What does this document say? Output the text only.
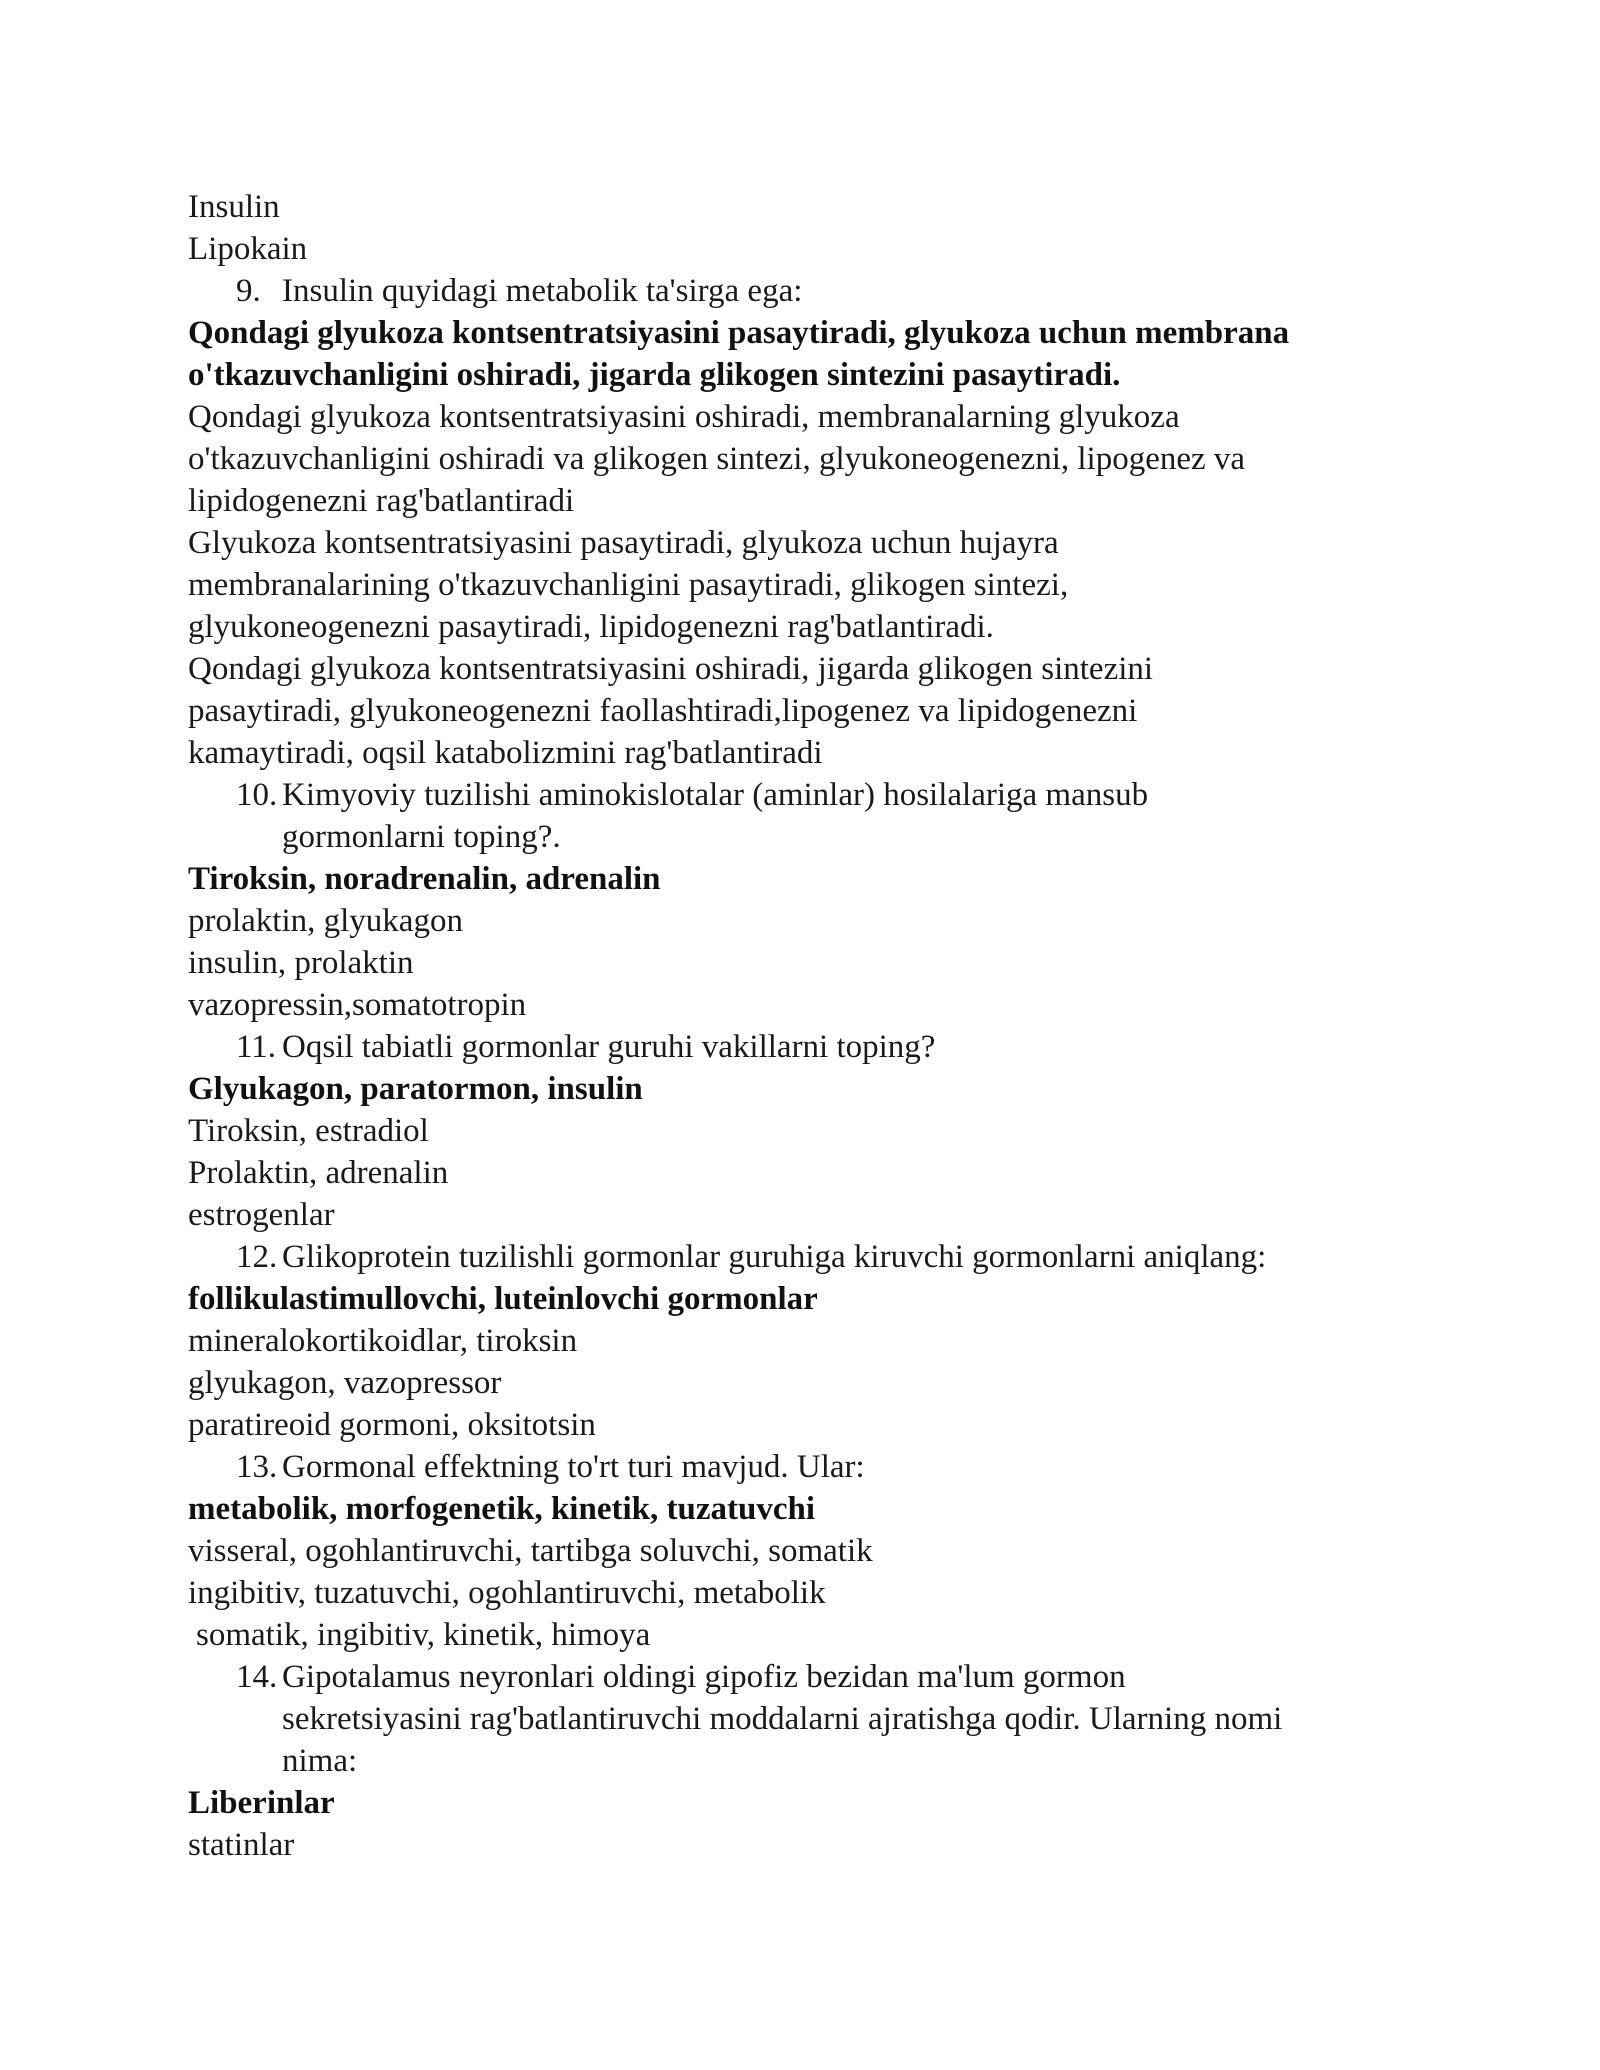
Insulin
Lipokain
9. Insulin quyidagi metabolik ta'sirga ega:
Qondagi glyukoza kontsentratsiyasini pasaytiradi, glyukoza uchun membrana
o'tkazuvchanligini oshiradi, jigarda glikogen sintezini pasaytiradi.
Qondagi glyukoza kontsentratsiyasini oshiradi, membranalarning glyukoza
o'tkazuvchanligini oshiradi va glikogen sintezi, glyukoneogenezni, lipogenez va
lipidogenezni rag'batlantiradi
Glyukoza kontsentratsiyasini pasaytiradi, glyukoza uchun hujayra
membranalarining o'tkazuvchanligini pasaytiradi, glikogen sintezi,
glyukoneogenezni pasaytiradi, lipidogenezni rag'batlantiradi.
Qondagi glyukoza kontsentratsiyasini oshiradi, jigarda glikogen sintezini
pasaytiradi, glyukoneogenezni faollashtiradi,lipogenez va lipidogenezni
kamaytiradi, oqsil katabolizmini rag'batlantiradi
10. Kimyoviy tuzilishi aminokislotalar (aminlar) hosilalariga mansub
gormonlarni toping?.
Tiroksin, noradrenalin, adrenalin
prolaktin, glyukagon
insulin, prolaktin
vazopressin,somatotropin
11. Oqsil tabiatli gormonlar guruhi vakillarni toping?
Glyukagon, paratormon, insulin
Tiroksin, estradiol
Prolaktin, adrenalin
estrogenlar
12. Glikoprotein tuzilishli gormonlar guruhiga kiruvchi gormonlarni aniqlang:
follikulastimullovchi, luteinlovchi gormonlar
mineralokortikoidlar, tiroksin
glyukagon, vazopressor
paratireoid gormoni, oksitotsin
13. Gormonal effektning to'rt turi mavjud. Ular:
metabolik, morfogenetik, kinetik, tuzatuvchi
visseral, ogohlantiruvchi, tartibga soluvchi, somatik
ingibitiv, tuzatuvchi, ogohlantiruvchi, metabolik
somatik, ingibitiv, kinetik, himoya
14. Gipotalamus neyronlari oldingi gipofiz bezidan ma'lum gormon
sekretsiyasini rag'batlantiruvchi moddalarni ajratishga qodir. Ularning nomi
nima:
Liberinlar
statinlar
